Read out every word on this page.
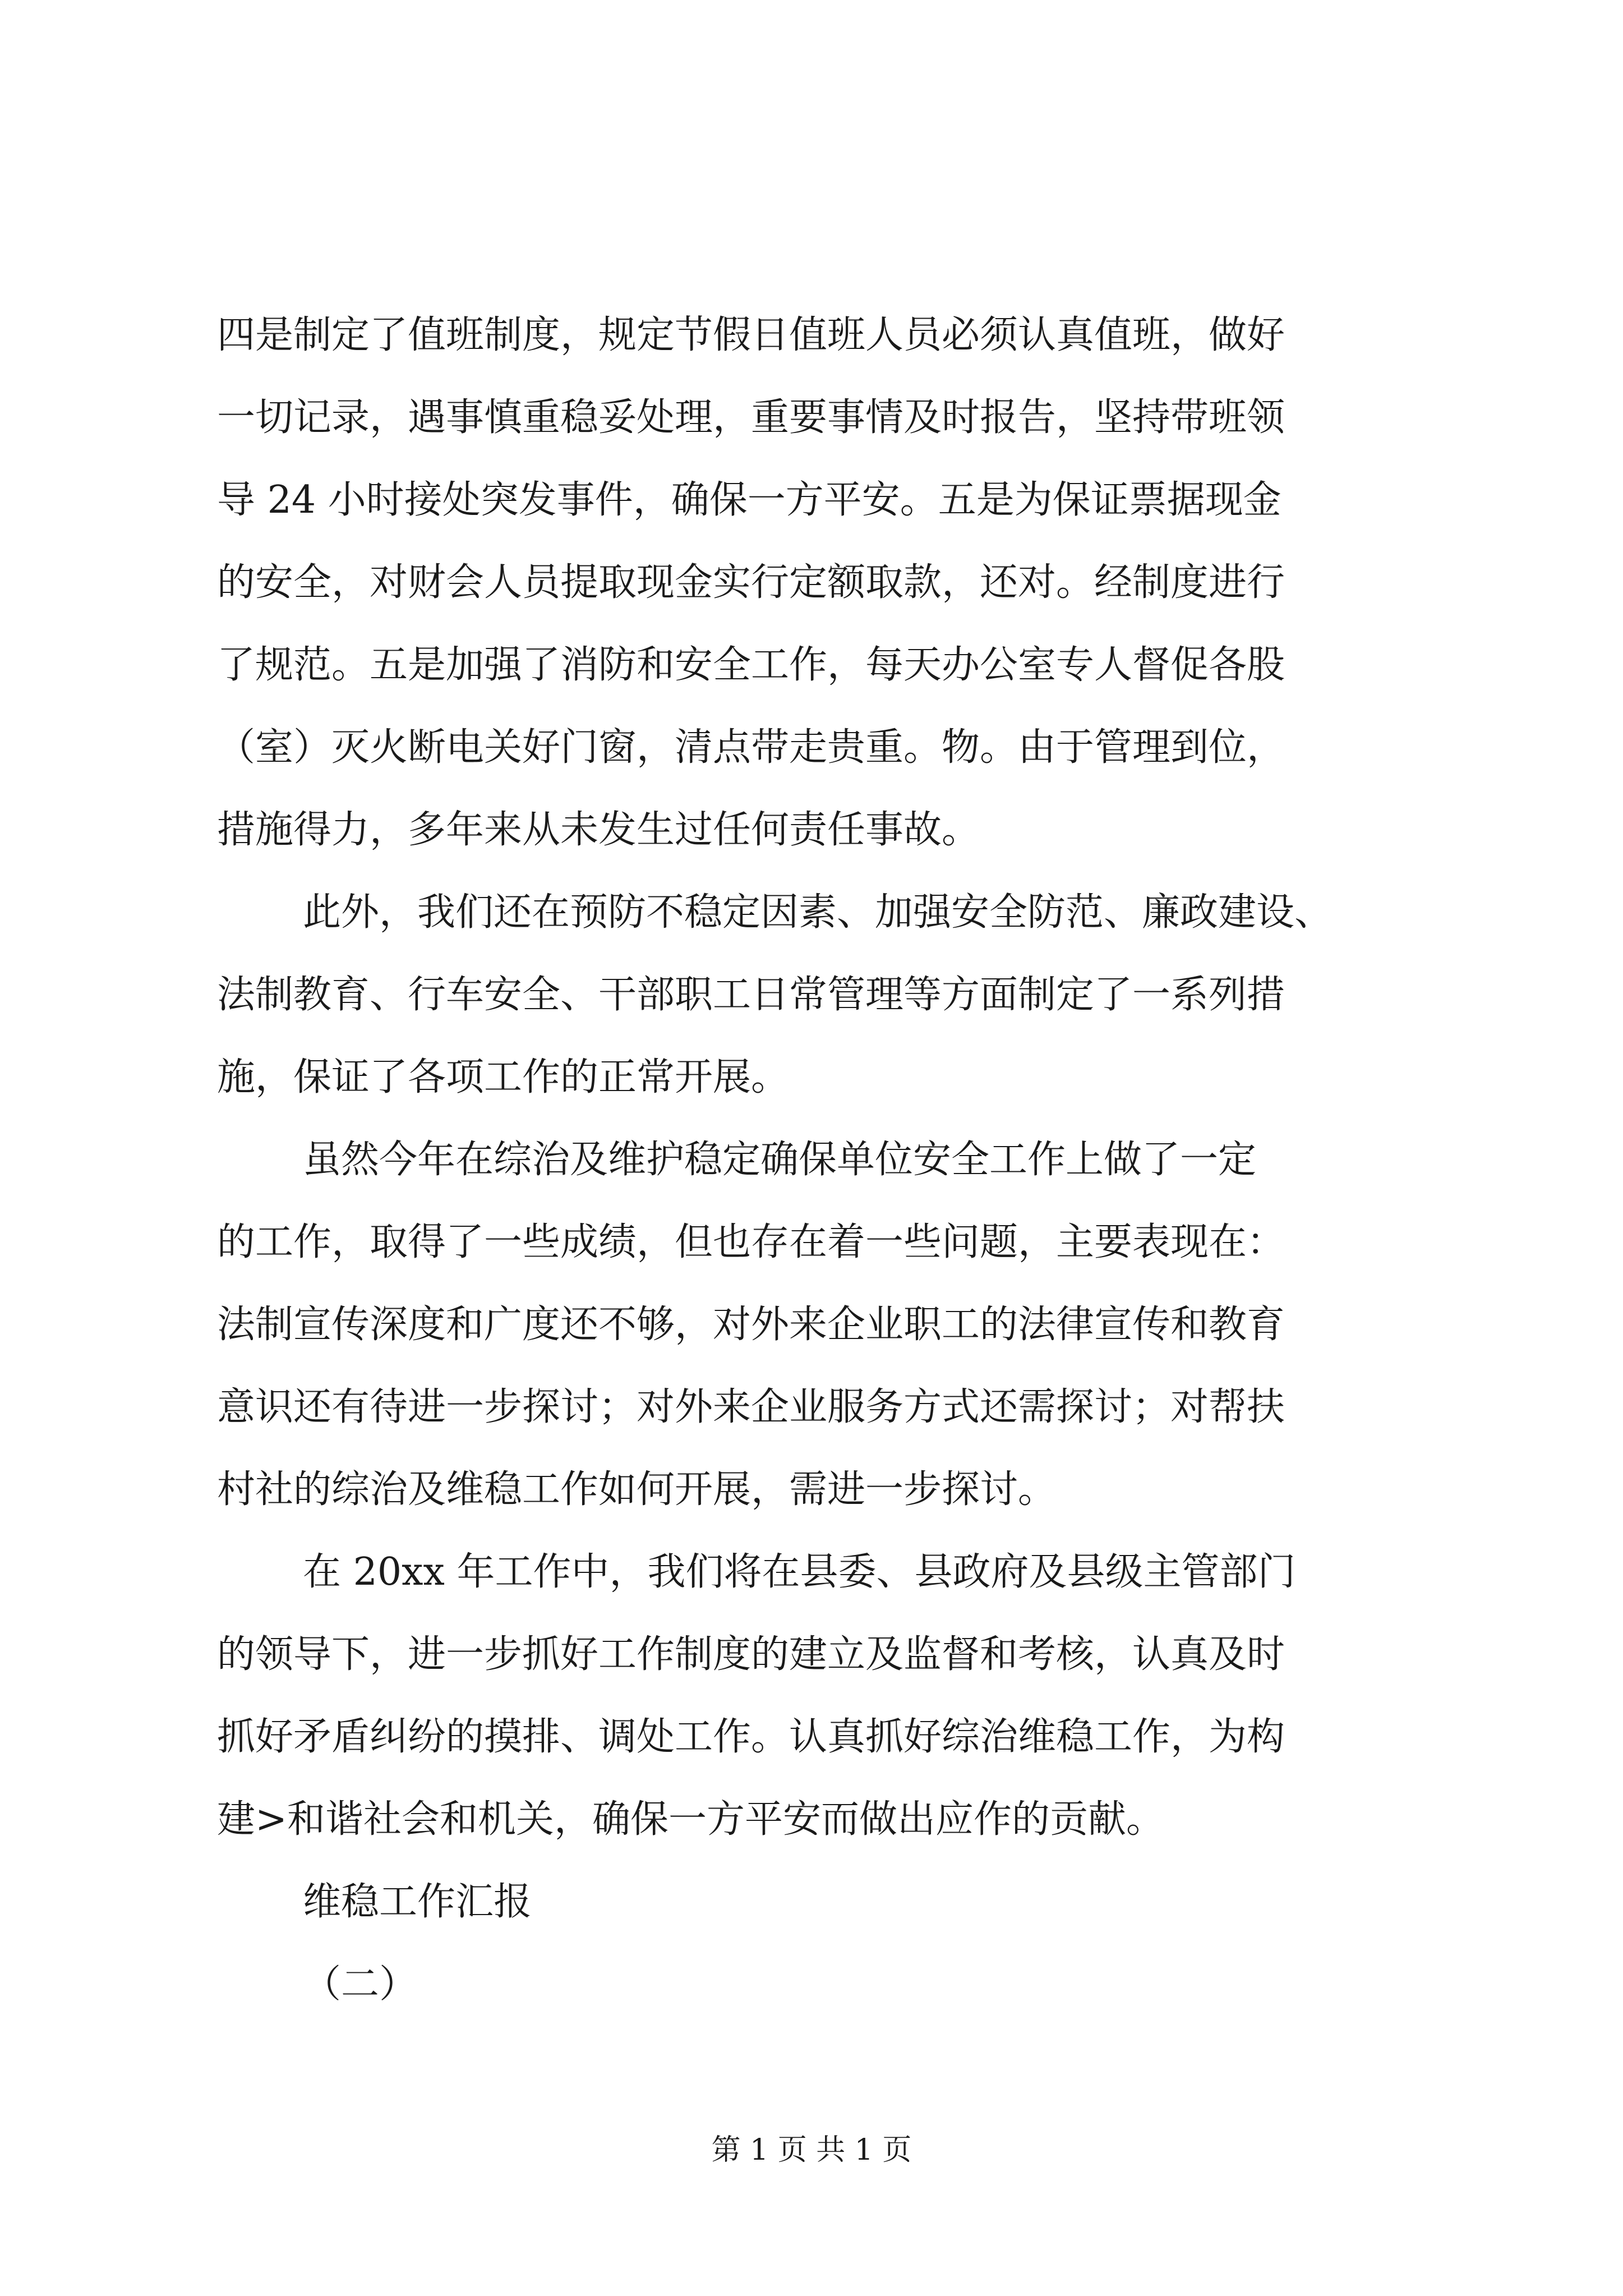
四是制定了值班制度，规定节假日值班人员必须认真值班，做好
一切记录，遇事慎重稳妥处理，重要事情及时报告，坚持带班领
导 24 小时接处突发事件，确保一方平安。五是为保证票据现金
的安全，对财会人员提取现金实行定额取款，还对。经制度进行
了规范。五是加强了消防和安全工作，每天办公室专人督促各股
（室）灭火断电关好门窗，清点带走贵重。物。由于管理到位，
措施得力，多年来从未发生过任何责任事故。
此外，我们还在预防不稳定因素、加强安全防范、廉政建设、
法制教育、行车安全、干部职工日常管理等方面制定了一系列措
施，保证了各项工作的正常开展。
虽然今年在综治及维护稳定确保单位安全工作上做了一定
的工作，取得了一些成绩，但也存在着一些问题，主要表现在：
法制宣传深度和广度还不够，对外来企业职工的法律宣传和教育
意识还有待进一步探讨；对外来企业服务方式还需探讨；对帮扶
村社的综治及维稳工作如何开展，需进一步探讨。
在 20xx 年工作中，我们将在县委、县政府及县级主管部门
的领导下，进一步抓好工作制度的建立及监督和考核，认真及时
抓好矛盾纠纷的摸排、调处工作。认真抓好综治维稳工作，为构
建>和谐社会和机关，确保一方平安而做出应作的贡献。
维稳工作汇报
（二）
第 1 页 共 1 页
